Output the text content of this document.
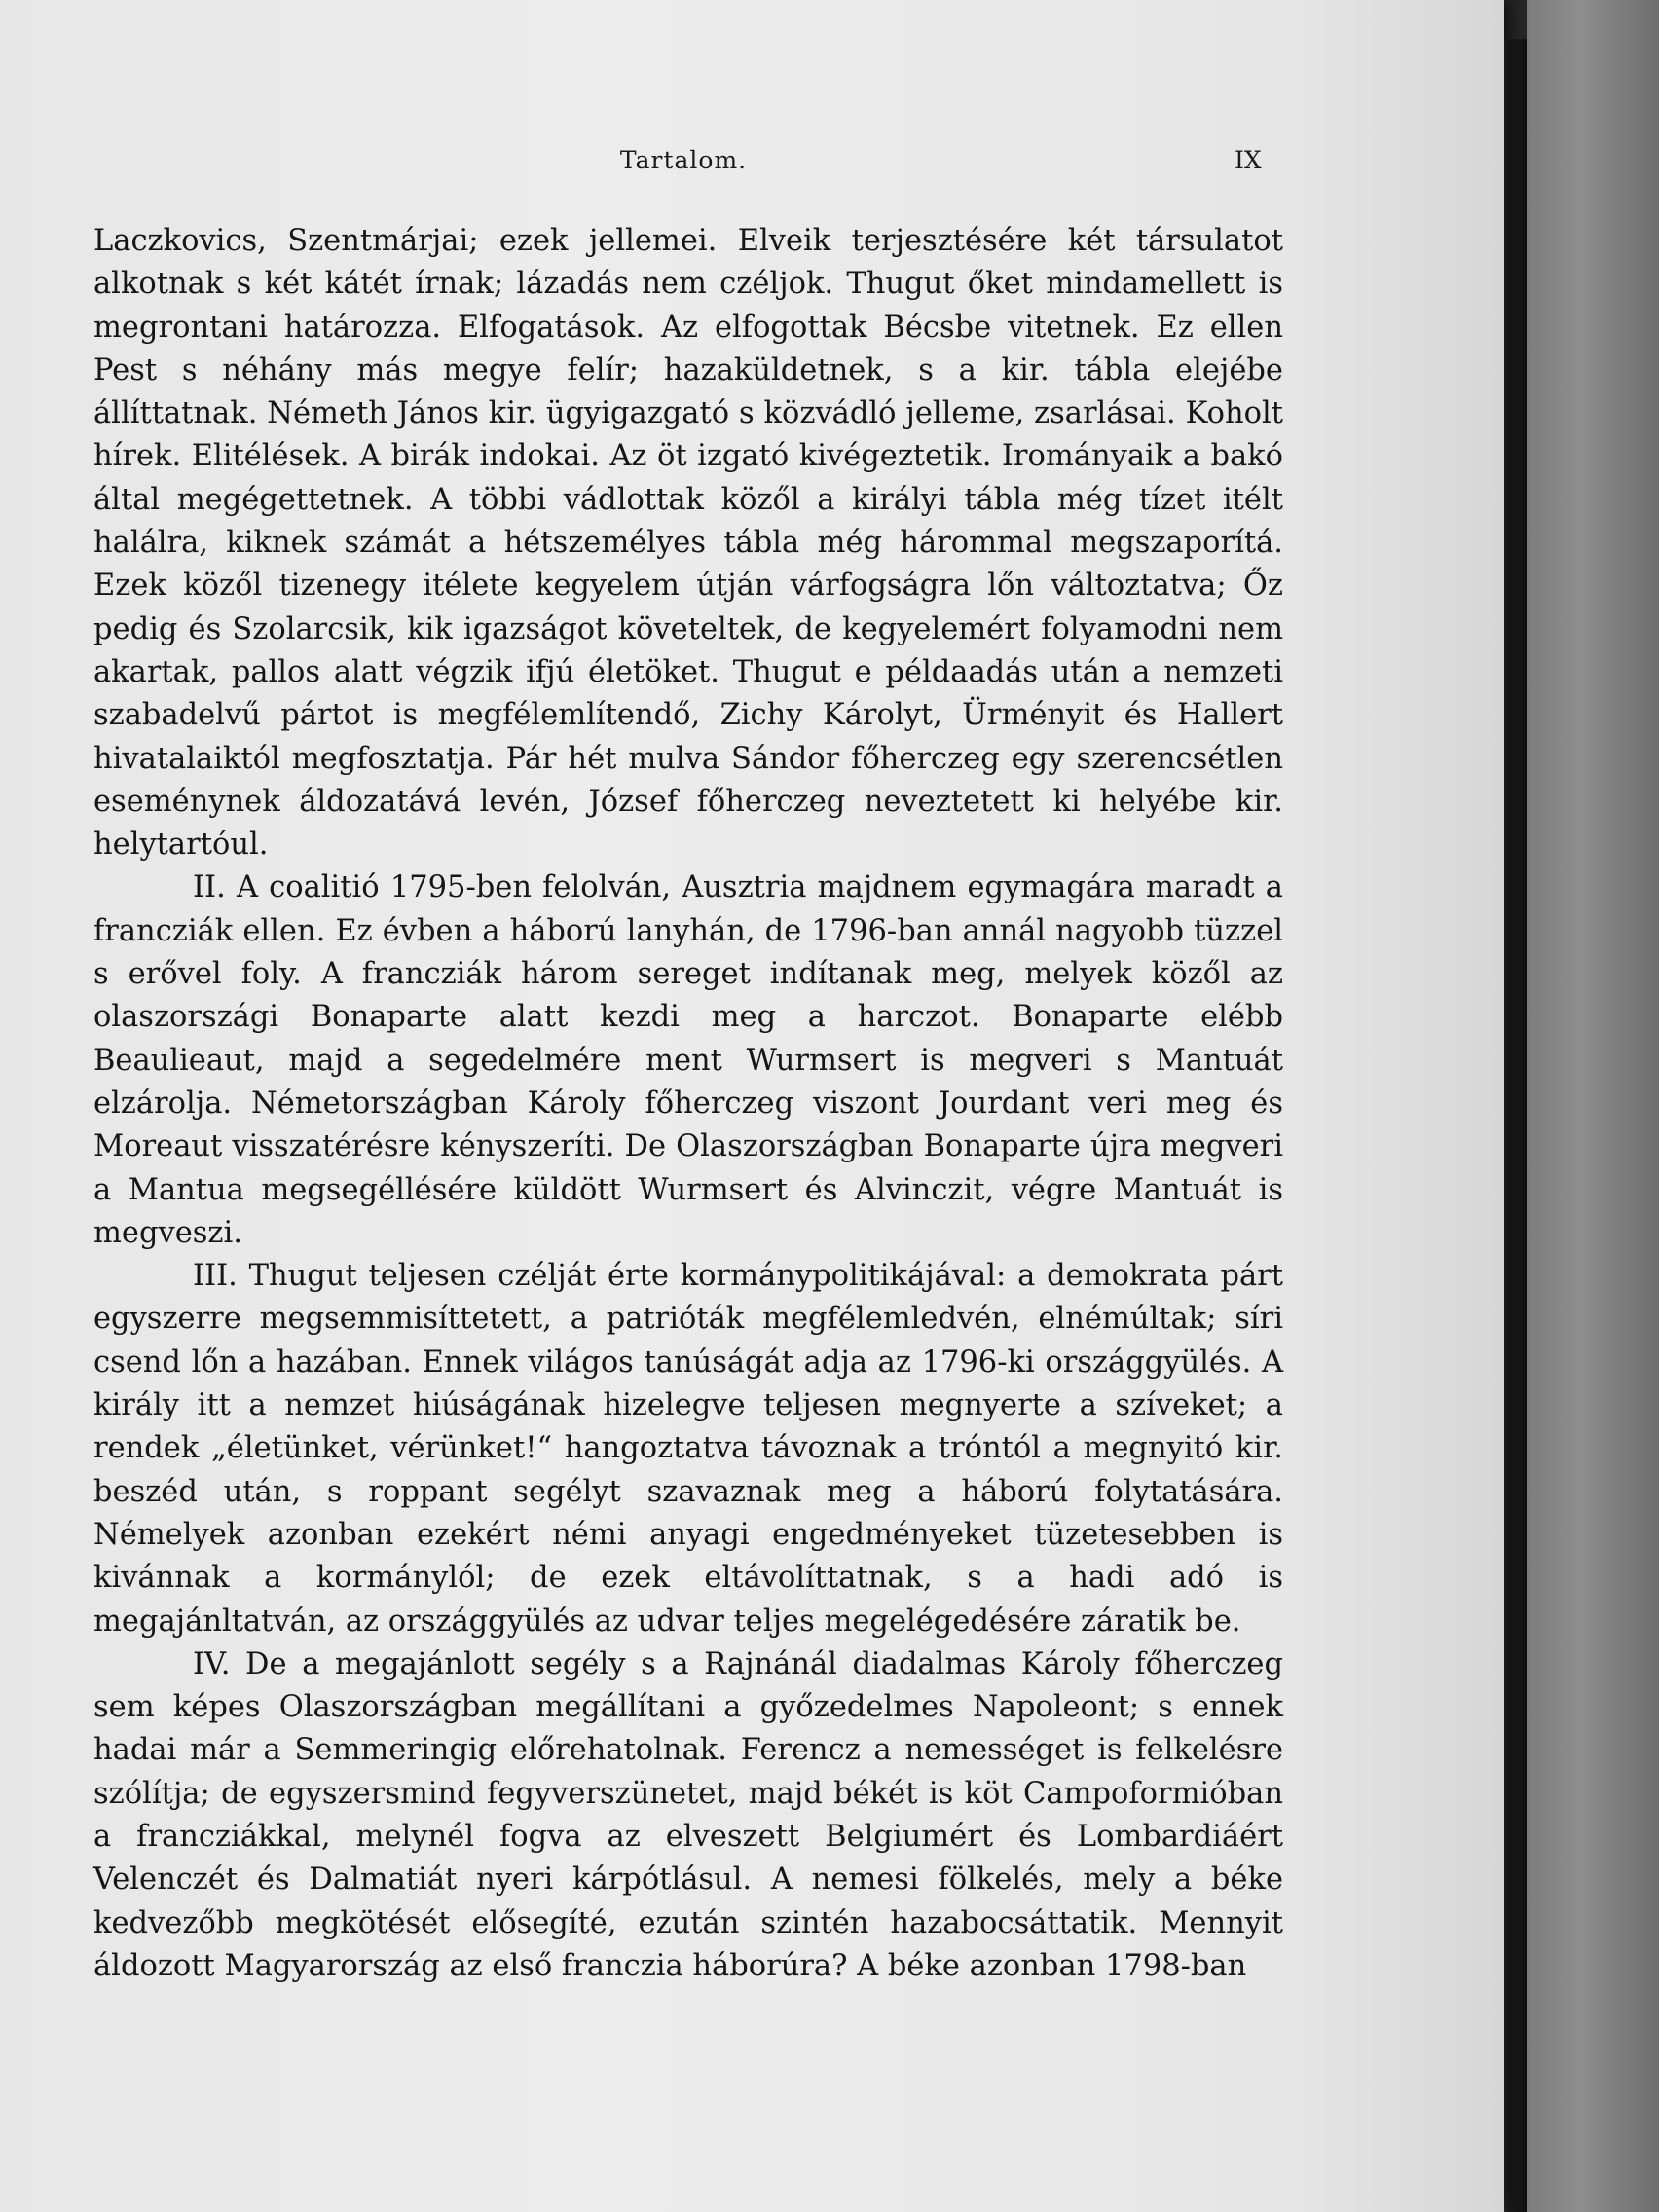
Tartalom.	IX

Laczkovics, Szentmárjai; ezek jellemei. Elveik terjesztésére két társulatot alkotnak s két kátét írnak; lázadás nem czéljok. Thugut őket mindamellett is megrontani határozza. Elfogatások. Az elfogottak Bécsbe vitetnek. Ez ellen Pest s néhány más megye felír; hazaküldetnek, s a kir. tábla elejébe állíttatnak. Németh János kir. ügyigazgató s közvádló jelleme, zsarlásai. Koholt hírek. Elitélések. A birák indokai. Az öt izgató kivégeztetik. Irományaik a bakó által megégettetnek. A többi vádlottak közől a királyi tábla még tízet itélt halálra, kiknek számát a hétszemélyes tábla még hárommal megszaporítá. Ezek közől tizenegy itélete kegyelem útján várfogságra lőn változtatva; Őz pedig és Szolarcsik, kik igazságot követeltek, de kegyelemért folyamodni nem akartak, pallos alatt végzik ifjú életöket. Thugut e példaadás után a nemzeti szabadelvű pártot is megfélemlítendő, Zichy Károlyt, Ürményit és Hallert hivatalaiktól megfosztatja. Pár hét mulva Sándor főherczeg egy szerencsétlen eseménynek áldozatává levén, József főherczeg neveztetett ki helyébe kir. helytartóul.

II. A coalitió 1795-ben felolván, Ausztria majdnem egymagára maradt a francziák ellen. Ez évben a háború lanyhán, de 1796-ban annál nagyobb tüzzel s erővel foly. A francziák három sereget indítanak meg, melyek közől az olaszországi Bonaparte alatt kezdi meg a harczot. Bonaparte elébb Beaulieaut, majd a segedelmére ment Wurmsert is megveri s Mantuát elzárolja. Németországban Károly főherczeg viszont Jourdant veri meg és Moreaut visszatérésre kényszeríti. De Olaszországban Bonaparte újra megveri a Mantua megsegéllésére küldött Wurmsert és Alvinczit, végre Mantuát is megveszi.

III. Thugut teljesen czélját érte kormánypolitikájával: a demokrata párt egyszerre megsemmisíttetett, a patrióták megfélemledvén, elnémúltak; síri csend lőn a hazában. Ennek világos tanúságát adja az 1796-ki országgyülés. A király itt a nemzet hiúságának hizelegve teljesen megnyerte a szíveket; a rendek „életünket, vérünket!“ hangoztatva távoznak a tróntól a megnyitó kir. beszéd után, s roppant segélyt szavaznak meg a háború folytatására. Némelyek azonban ezekért némi anyagi engedményeket tüzetesebben is kivánnak a kormánylól; de ezek eltávolíttatnak, s a hadi adó is megajánltatván, az országgyülés az udvar teljes megelégedésére záratik be.

IV. De a megajánlott segély s a Rajnánál diadalmas Károly főherczeg sem képes Olaszországban megállítani a győzedelmes Napoleont; s ennek hadai már a Semmeringig előrehatolnak. Ferencz a nemességet is felkelésre szólítja; de egyszersmind fegyverszünetet, majd békét is köt Campoformióban a francziákkal, melynél fogva az elveszett Belgiumért és Lombardiáért Velenczét és Dalmatiát nyeri kárpótlásul. A nemesi fölkelés, mely a béke kedvezőbb megkötését elősegíté, ezután szintén hazabocsáttatik. Mennyit áldozott Magyarország az első franczia háborúra? A béke azonban 1798-ban
